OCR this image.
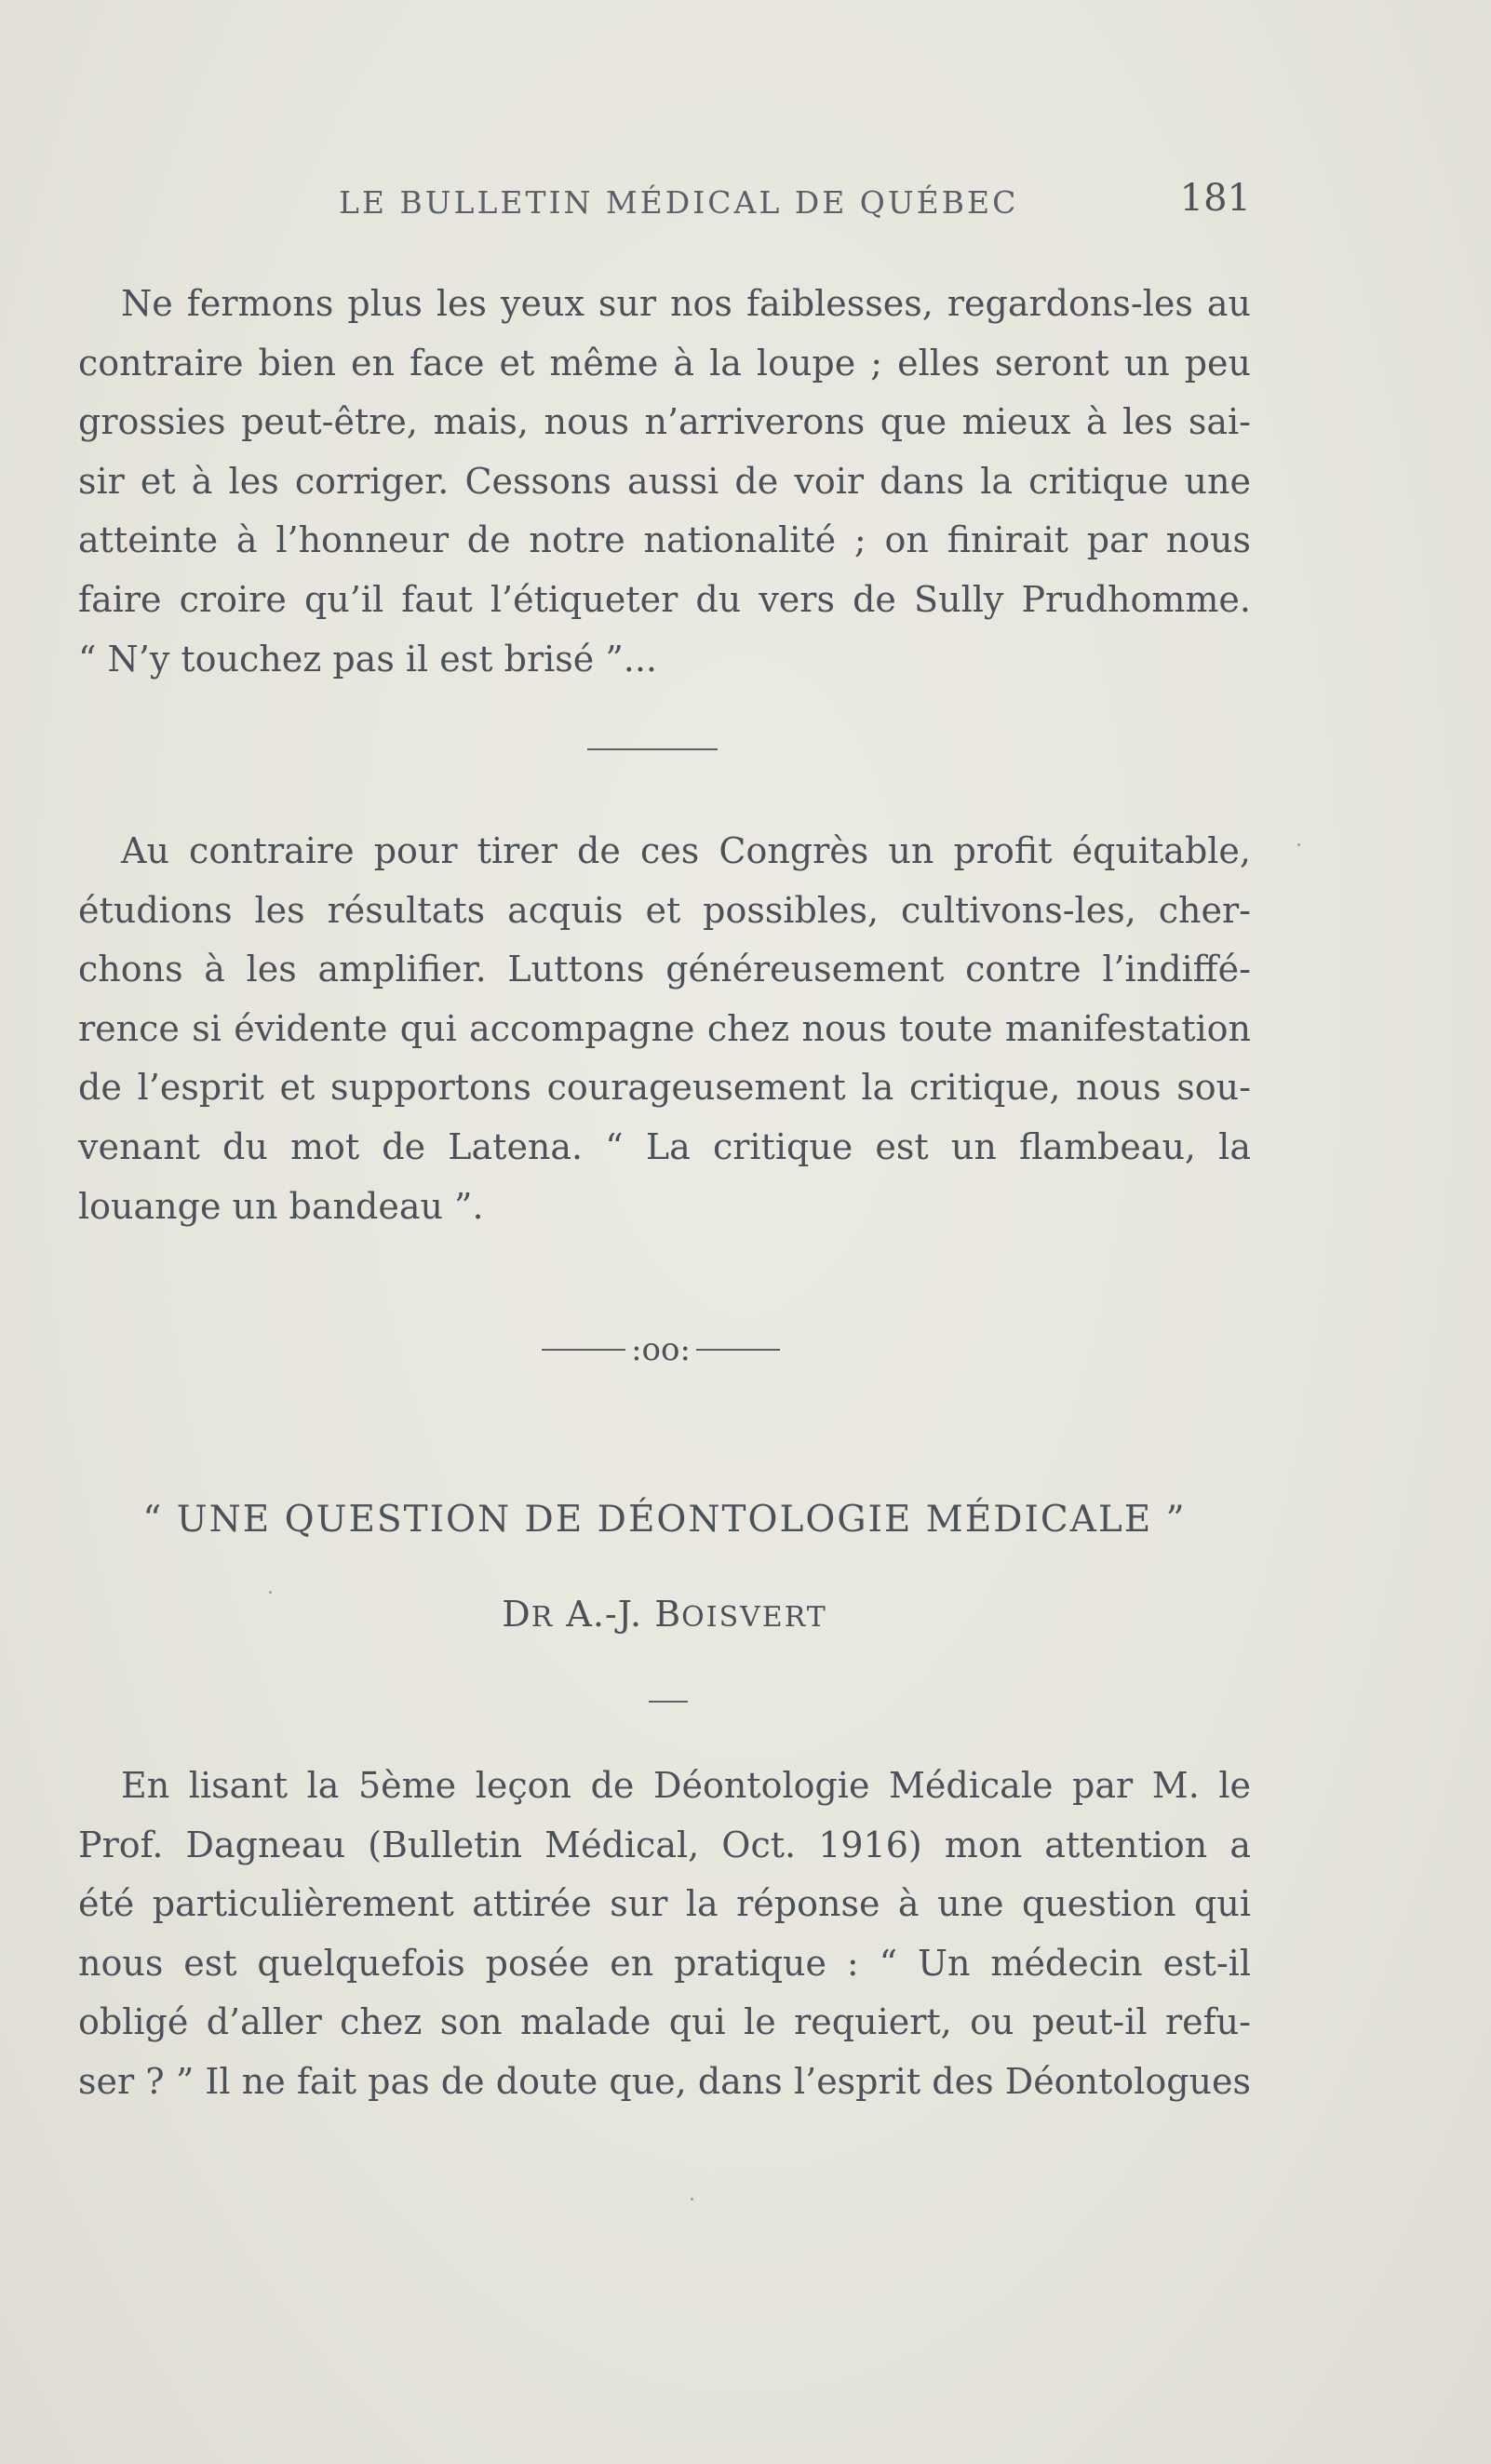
LE BULLETIN MÉDICAL DE QUÉBEC	181
Ne fermons plus les yeux sur nos faiblesses, regardons-les au
contraire bien en face et même à la loupe ; elles seront un peu
grossies peut-être, mais, nous n’arriverons que mieux à les sai-
sir et à les corriger. Cessons aussi de voir dans la critique une
atteinte à l’honneur de notre nationalité ; on finirait par nous
faire croire qu’il faut l’étiqueter du vers de Sully Prudhomme.
“ N’y touchez pas il est brisé ”...
Au contraire pour tirer de ces Congrès un profit équitable,
étudions les résultats acquis et possibles, cultivons-les, cher-
chons à les amplifier. Luttons généreusement contre l’indiffé-
rence si évidente qui accompagne chez nous toute manifestation
de l’esprit et supportons courageusement la critique, nous sou-
venant du mot de Latena. “ La critique est un flambeau, la
louange un bandeau ”.
:oo:
“ UNE QUESTION DE DÉONTOLOGIE MÉDICALE ”
DR A.-J. BOISVERT
En lisant la 5ème leçon de Déontologie Médicale par M. le
Prof. Dagneau (Bulletin Médical, Oct. 1916) mon attention a
été particulièrement attirée sur la réponse à une question qui
nous est quelquefois posée en pratique : “ Un médecin est-il
obligé d’aller chez son malade qui le requiert, ou peut-il refu-
ser ? ” Il ne fait pas de doute que, dans l’esprit des Déontologues
